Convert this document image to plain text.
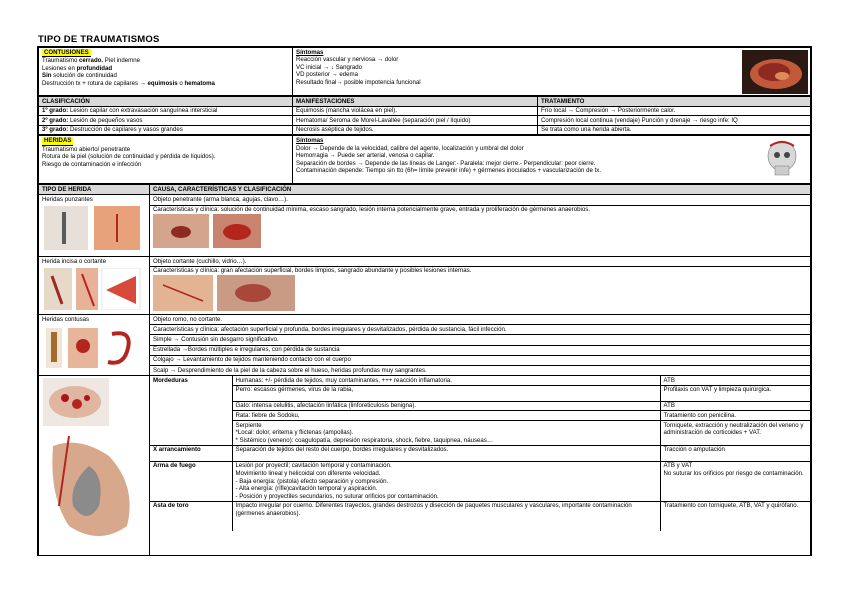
TIPO DE TRAUMATISMOS
CONTUSIONES
Traumatismo cerrado. Piel indemne
Lesiones en profundidad
Sin solución de continuidad
Destrucción tx + rotura de capilares → equimosis o hematoma

Síntomas
Reacción vascular y nerviosa → dolor
VC inicial → ↓ Sangrado
VD posterior → edema
Resultado final→ posible impotencia funcional
CLASIFICACIÓN	MANIFESTACIONES	TRATAMIENTO
1º grado: Lesión capilar con extravasación sanguínea intersticial	Equimosis (mancha violácea en piel).	Frío local → Compresión → Posteriormente calor.
2º grado: Lesión de pequeños vasos	Hematoma/ Seroma de Morel-Lavallée (separación piel / líquido)	Compresión local continua (vendaje) Punción y drenaje → riesgo infe: IQ
3º grado: Destrucción de capilares y vasos grandes	Necrosis aséptica de tejidos.	Se trata como una herida abierta.
HERIDAS
Traumatismo abierto/ penetrante
Rotura de la piel (solución de continuidad y pérdida de líquidos).
Riesgo de contaminación e infección

Síntomas
Dolor → Depende de la velocidad, calibre del agente, localización y umbral del dolor
Hemorragia → Puede ser arterial, venosa o capilar.
Separación de bordes → Depende de las líneas de Langer:- Paralela: mejor cierre.- Perpendicular: peor cierre.
Contaminación depende: Tiempo sin tto (6h= límite prevenir infe) + gérmenes inoculados + vascularización de tx.
TIPO DE HERIDA	CAUSA, CARACTERÍSTICAS Y CLASIFICACIÓN

Heridas punzantes	Objeto penetrante (arma blanca, agujas, clavo…).

Características y clínica: solución de continuidad mínima, escaso sangrado, lesión interna potencialmente grave, entrada y proliferación de gérmenes anaerobios.

Herida incisa o cortante	Objeto cortante (cuchillo, vidrio…).

Características y clínica: gran afectación superficial, bordes limpios, sangrado abundante y posibles lesiones internas.

Heridas contusas	Objeto romo, no cortante.
Características y clínica: afectación superficial y profunda, bordes irregulares y desvitalizados, pérdida de sustancia, fácil infección.
Simple → Contusión sin desgarro significativo.
Estrellada →Bordes múltiples e irregulares, con pérdida de sustancia
Colgajo → Levantamiento de tejidos manteniendo contacto con el cuerpo
Scalp → Desprendimiento de la piel de la cabeza sobre el hueso, heridas profundas muy sangrantes.

Mordeduras	Humanas: +/- pérdida de tejidos, muy contaminantes, +++ reacción inflamatoria.	ATB
Perro: escasos gérmenes, virus de la rabia,	Profilaxis con VAT y limpieza quirúrgica.
Gato: intensa celulitis, afectación linfática (linforeticulosis benigna).	ATB
Rata: fiebre de Sodoku,	Tratamiento con penicilina.
Serpiente
*Local: dolor, eritema y flictenas (ampollas).
* Sistémico (veneno): coagulopatía, depresión respiratoria, shock, fiebre, taquipnea, náuseas…	Torniquete, extracción y neutralización del veneno y administración de corticoides + VAT.
X arrancamiento	Separación de tejidos del resto del cuerpo, bordes irregulares y desvitalizados.	Tracción o amputación
Arma de fuego	Lesión por proyectil; cavitación temporal y contaminación.
Movimiento lineal y helicoidal con diferente velocidad.
- Baja energía: (pistola) efecto separación y compresión.
- Alta energía: (rifle)cavitación temporal y aspiración.
- Posición y proyectiles secundarios, no suturar orificios por contaminación.	ATB y VAT
No suturar los orificios por riesgo de contaminación.
Asta de toro	Impacto irregular por cuerno. Diferentes trayectos, grandes destrozos y disección de paquetes musculares y vasculares, importante contaminación (gérmenes anaerobios).	Tratamiento con torniquete, ATB, VAT y quirófano.
